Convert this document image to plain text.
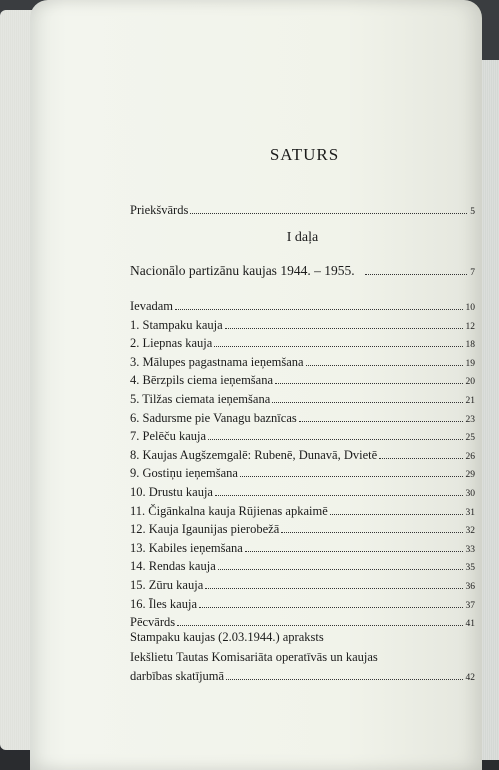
SATURS
Priekšvārds	5
I daļa
Nacionālo partizānu kaujas 1944. – 1955.	7
Ievadam	10
1. Stampaku kauja	12
2. Liepnas kauja	18
3. Mālupes pagastnama ieņemšana	19
4. Bērzpils ciema ieņemšana	20
5. Tilžas ciemata ieņemšana	21
6. Sadursme pie Vanagu baznīcas	23
7. Pelēču kauja	25
8. Kaujas Augšzemgalē: Rubenē, Dunavā, Dvietē	26
9. Gostiņu ieņemšana	29
10. Drustu kauja	30
11. Čigānkalna kauja Rūjienas apkaimē	31
12. Kauja Igaunijas pierobežā	32
13. Kabiles ieņemšana	33
14. Rendas kauja	35
15. Zūru kauja	36
16. Īles kauja	37
Pēcvārds	41
Stampaku kaujas (2.03.1944.) apraksts
Iekšlietu Tautas Komisariāta operatīvās un kaujas
darbības skatījumā	42
